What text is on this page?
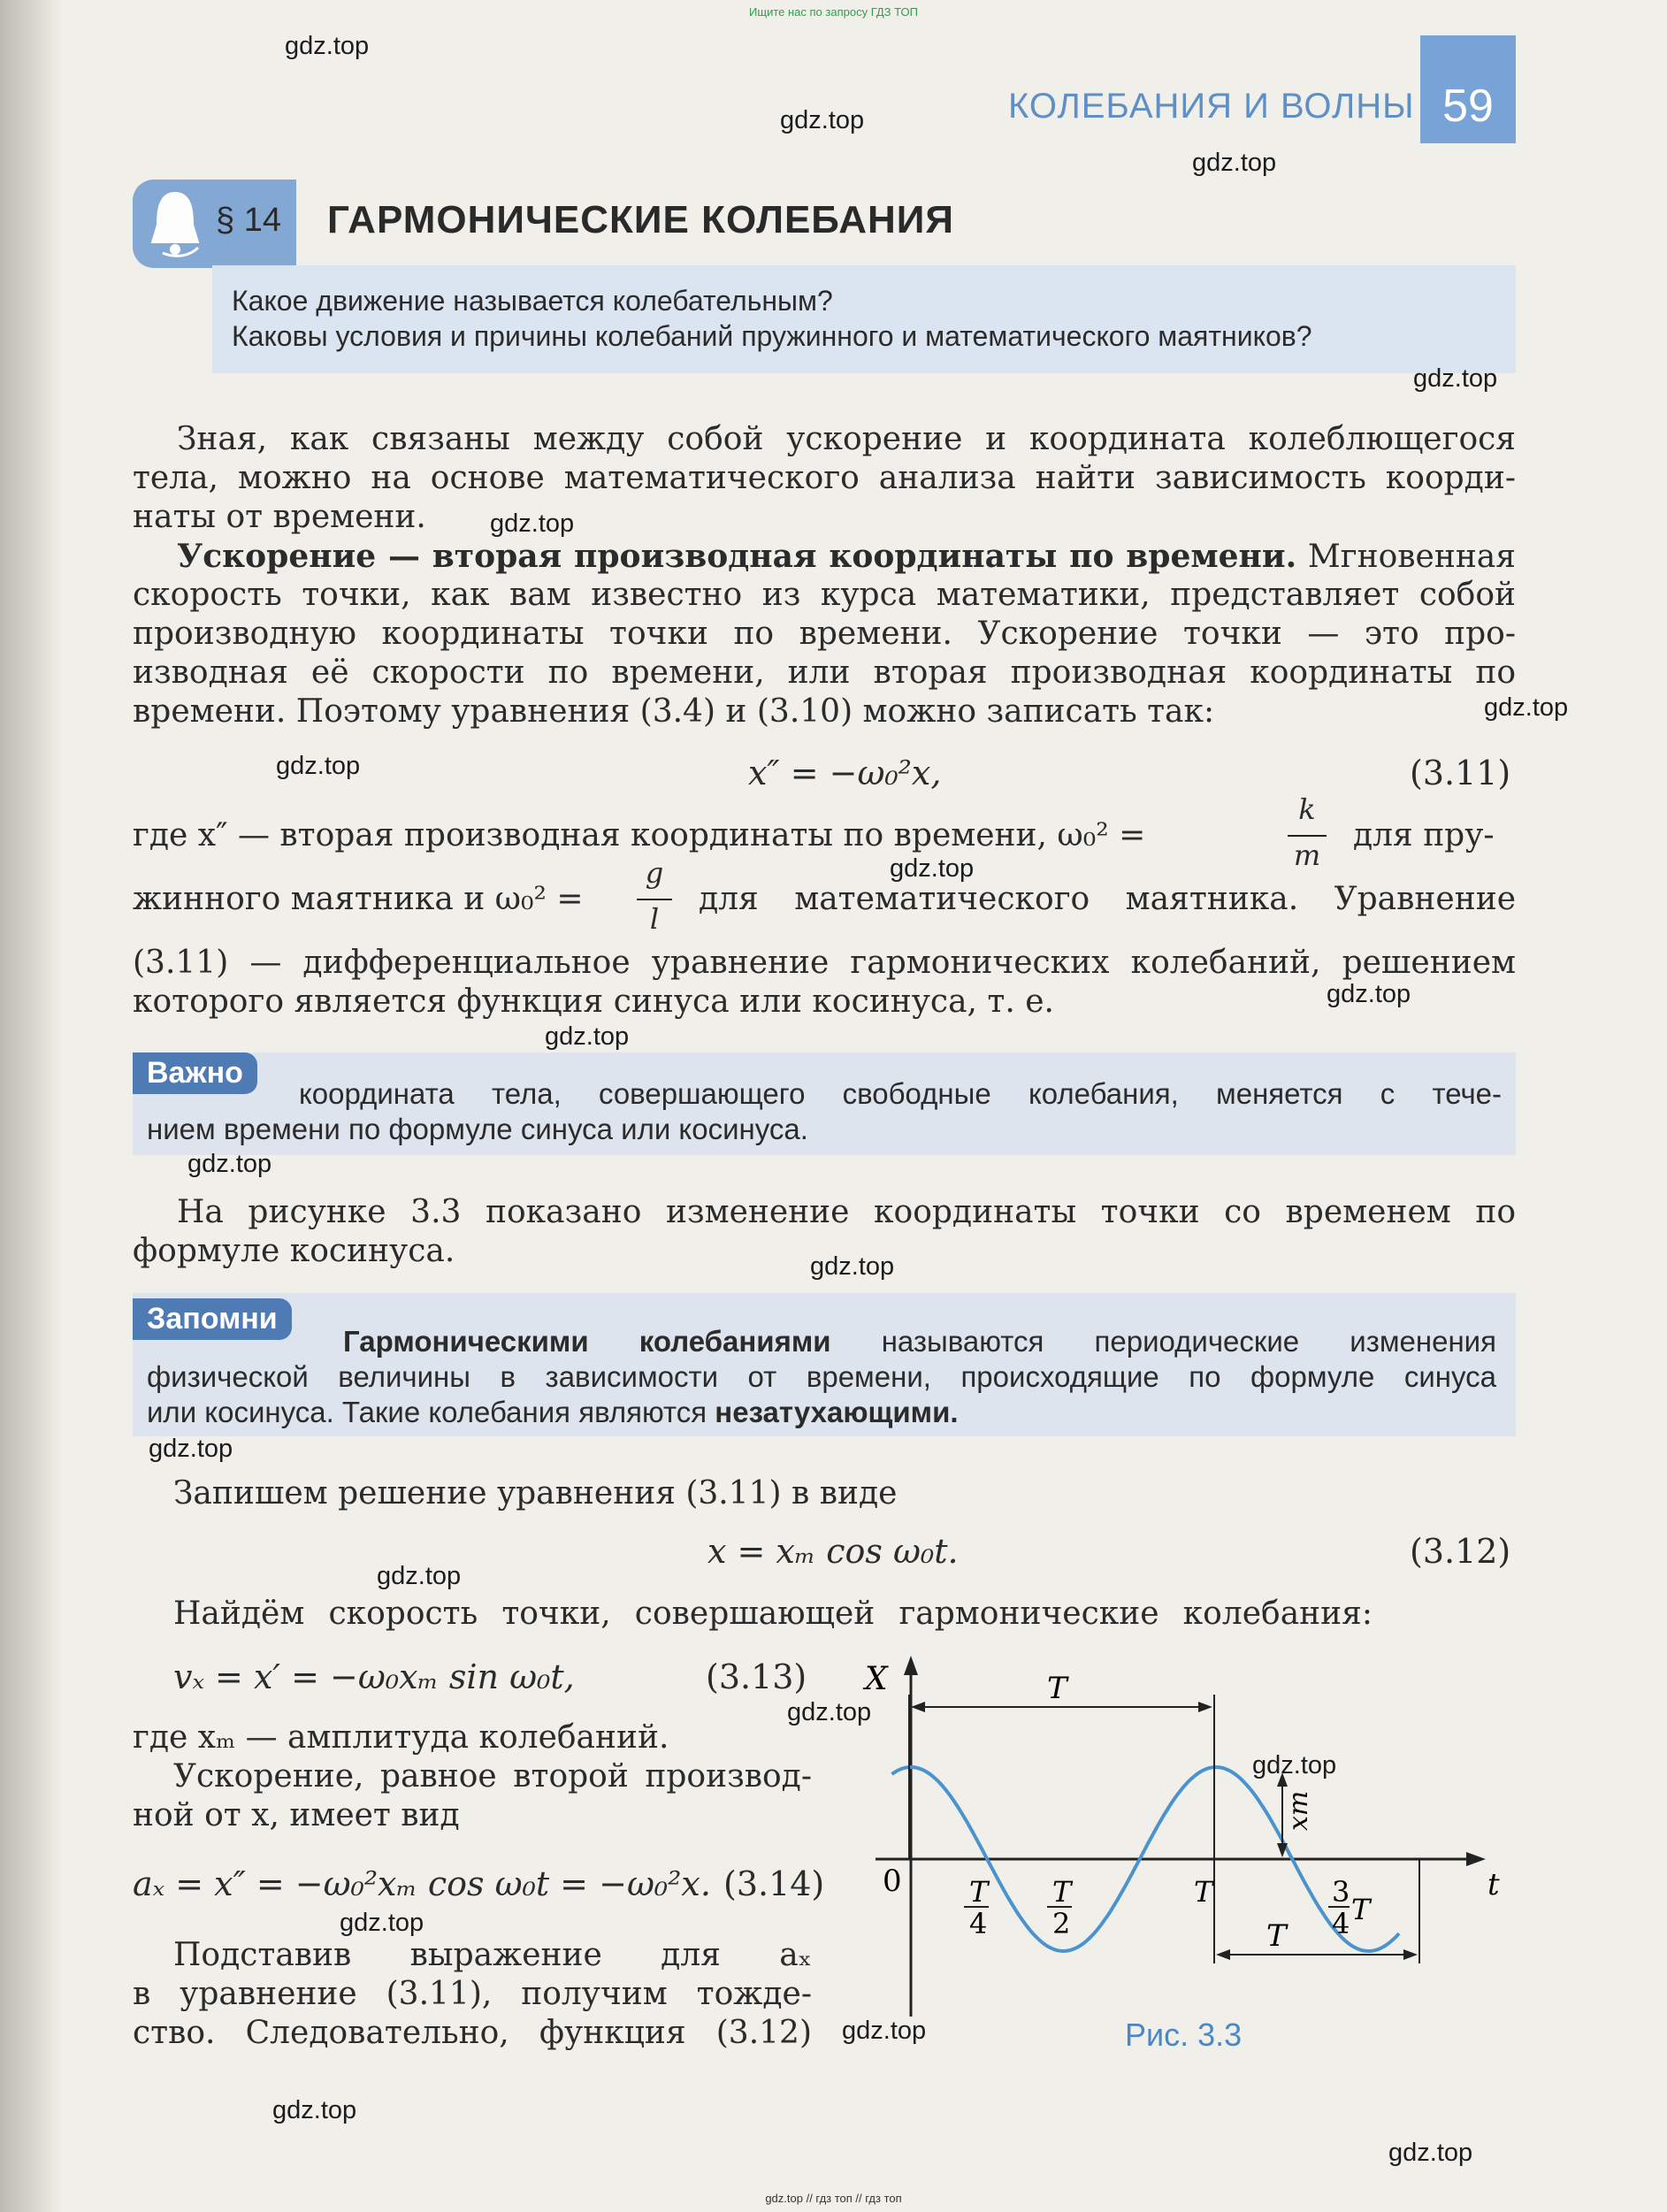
Ищите нас по запросу ГДЗ ТОП
КОЛЕБАНИЯ И ВОЛНЫ 59
§ 14 ГАРМОНИЧЕСКИЕ КОЛЕБАНИЯ
Какое движение называется колебательным?
Каковы условия и причины колебаний пружинного и математического маятников?
Зная, как связаны между собой ускорение и координата колеблющегося
тела, можно на основе математического анализа найти зависимость коорди-
наты от времени.
Ускорение — вторая производная координаты по времени. Мгновенная
скорость точки, как вам известно из курса математики, представляет собой
производную координаты точки по времени. Ускорение точки — это про-
изводная её скорости по времени, или вторая производная координаты по
времени. Поэтому уравнения (3.4) и (3.10) можно записать так:
x″ = −ω₀²x,	(3.11)
где x″ — вторая производная координаты по времени, ω₀² =
k
m
для пру-
жинного маятника и ω₀² =
g
l
для математического маятника. Уравнение
(3.11) — дифференциальное уравнение гармонических колебаний, решением
которого является функция синуса или косинуса, т. е.
Важно
координата тела, совершающего свободные колебания, меняется с тече-
нием времени по формуле синуса или косинуса.
На рисунке 3.3 показано изменение координаты точки со временем по
формуле косинуса.
Запомни
Гармоническими колебаниями называются периодические изменения
физической величины в зависимости от времени, происходящие по формуле синуса
или косинуса. Такие колебания являются незатухающими.
Запишем решение уравнения (3.11) в виде
x = xₘ cos ω₀t.	(3.12)
Найдём скорость точки, совершающей гармонические колебания:
vₓ = x′ = −ω₀xₘ sin ω₀t,	(3.13)
где xₘ — амплитуда колебаний.
Ускорение, равное второй производ-
ной от x, имеет вид
aₓ = x″ = −ω₀²xₘ cos ω₀t = −ω₀²x. (3.14)
Подставив выражение для aₓ
в уравнение (3.11), получим тожде-
ство. Следовательно, функция (3.12)
X
t
0
T
T
xm
T
4
T
2
T	3
4 T
Рис. 3.3
gdz.top
gdz.top
gdz.top
gdz.top
gdz.top
gdz.top
gdz.top
gdz.top
gdz.top
gdz.top
gdz.top
gdz.top
gdz.top
gdz.top
gdz.top
gdz.top
gdz.top
gdz.top
gdz.top
gdz.top
gdz.top // гдз топ // гдз топ
